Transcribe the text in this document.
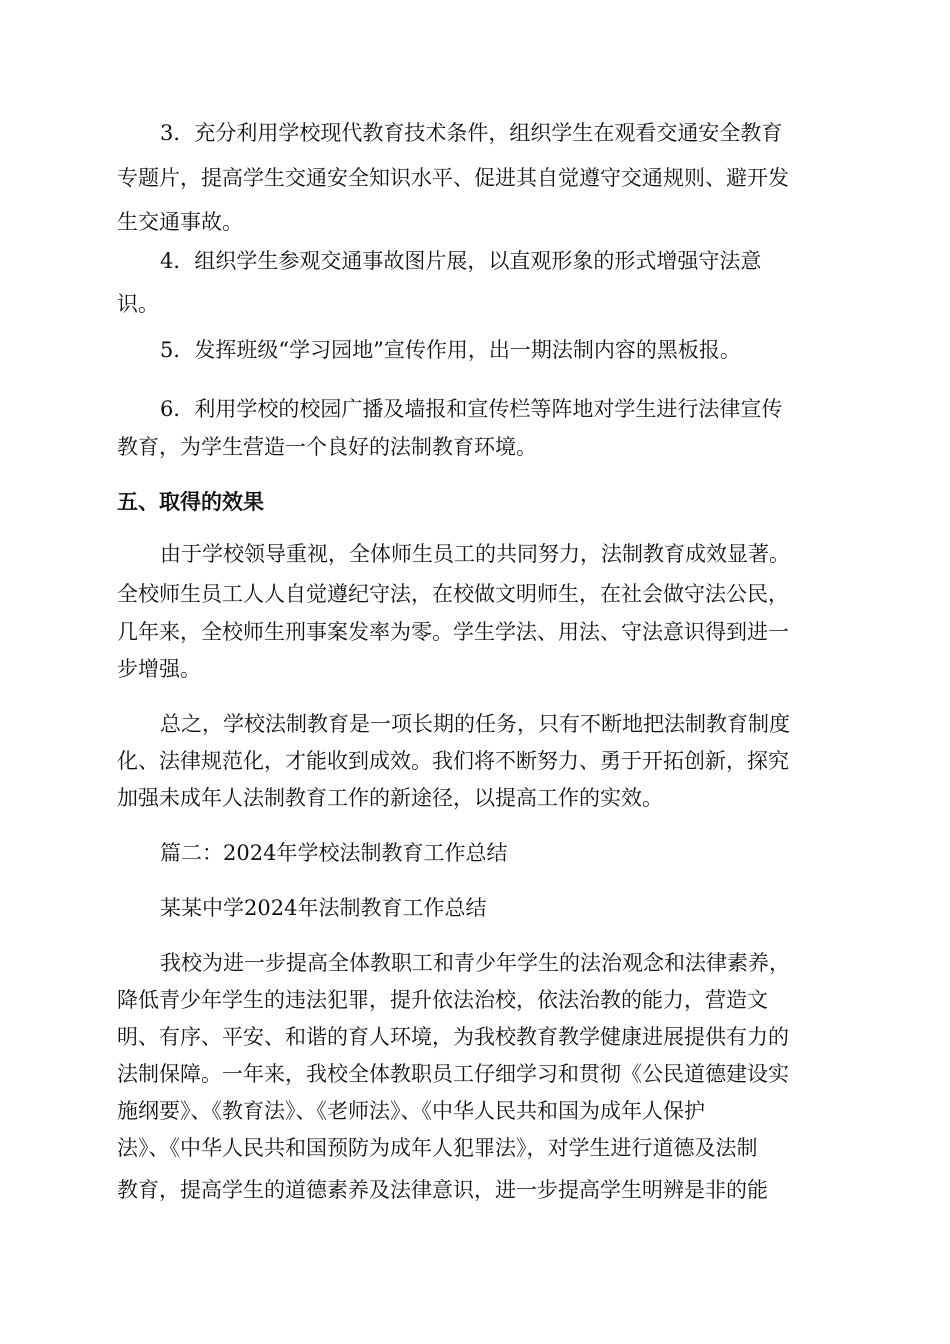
3．充分利用学校现代教育技术条件，组织学生在观看交通安全教育
专题片，提高学生交通安全知识水平、促进其自觉遵守交通规则、避开发
生交通事故。
4．组织学生参观交通事故图片展，以直观形象的形式增强守法意
识。
5．发挥班级“学习园地”宣传作用，出一期法制内容的黑板报。
6．利用学校的校园广播及墙报和宣传栏等阵地对学生进行法律宣传
教育，为学生营造一个良好的法制教育环境。
五、取得的效果
由于学校领导重视，全体师生员工的共同努力，法制教育成效显著。
全校师生员工人人自觉遵纪守法，在校做文明师生，在社会做守法公民，
几年来，全校师生刑事案发率为零。学生学法、用法、守法意识得到进一
步增强。
总之，学校法制教育是一项长期的任务，只有不断地把法制教育制度
化、法律规范化，才能收到成效。我们将不断努力、勇于开拓创新，探究
加强未成年人法制教育工作的新途径，以提高工作的实效。
篇二：2024年学校法制教育工作总结
某某中学2024年法制教育工作总结
我校为进一步提高全体教职工和青少年学生的法治观念和法律素养，
降低青少年学生的违法犯罪，提升依法治校，依法治教的能力，营造文
明、有序、平安、和谐的育人环境，为我校教育教学健康进展提供有力的
法制保障。一年来，我校全体教职员工仔细学习和贯彻《公民道德建设实
施纲要》、《教育法》、《老师法》、《中华人民共和国为成年人保护
法》、《中华人民共和国预防为成年人犯罪法》，对学生进行道德及法制
教育，提高学生的道德素养及法律意识，进一步提高学生明辨是非的能
